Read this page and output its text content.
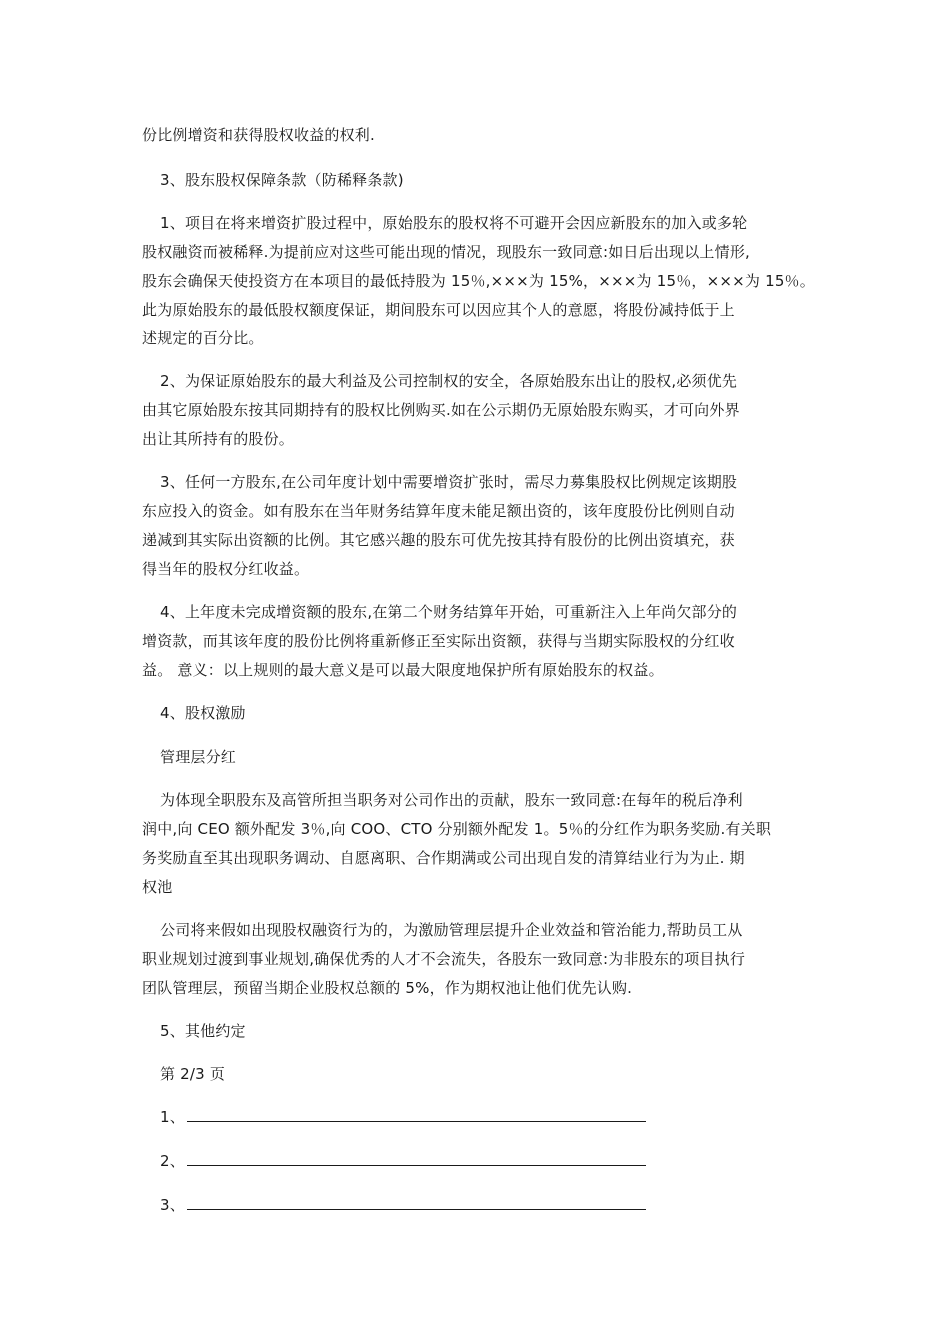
份比例增资和获得股权收益的权利.
3、股东股权保障条款（防稀释条款)
1、项目在将来增资扩股过程中，原始股东的股权将不可避开会因应新股东的加入或多轮
股权融资而被稀释.为提前应对这些可能出现的情况，现股东一致同意:如日后出现以上情形,
股东会确保天使投资方在本项目的最低持股为 15％,×××为 15%，×××为 15％，×××为 15％。
此为原始股东的最低股权额度保证，期间股东可以因应其个人的意愿，将股份减持低于上
述规定的百分比。
2、为保证原始股东的最大利益及公司控制权的安全，各原始股东出让的股权,必须优先
由其它原始股东按其同期持有的股权比例购买.如在公示期仍无原始股东购买，才可向外界
出让其所持有的股份。
3、任何一方股东,在公司年度计划中需要增资扩张时，需尽力募集股权比例规定该期股
东应投入的资金。如有股东在当年财务结算年度未能足额出资的，该年度股份比例则自动
递减到其实际出资额的比例。其它感兴趣的股东可优先按其持有股份的比例出资填充，获
得当年的股权分红收益。
4、上年度未完成增资额的股东,在第二个财务结算年开始，可重新注入上年尚欠部分的
增资款，而其该年度的股份比例将重新修正至实际出资额，获得与当期实际股权的分红收
益。 意义：以上规则的最大意义是可以最大限度地保护所有原始股东的权益。
4、股权激励
管理层分红
为体现全职股东及高管所担当职务对公司作出的贡献，股东一致同意:在每年的税后净利
润中,向 CEO 额外配发 3％,向 COO、CTO 分别额外配发 1。5％的分红作为职务奖励.有关职
务奖励直至其出现职务调动、自愿离职、合作期满或公司出现自发的清算结业行为为止. 期
权池
公司将来假如出现股权融资行为的，为激励管理层提升企业效益和管治能力,帮助员工从
职业规划过渡到事业规划,确保优秀的人才不会流失，各股东一致同意:为非股东的项目执行
团队管理层，预留当期企业股权总额的 5%，作为期权池让他们优先认购.
5、其他约定
第 2/3 页
1、
2、
3、
